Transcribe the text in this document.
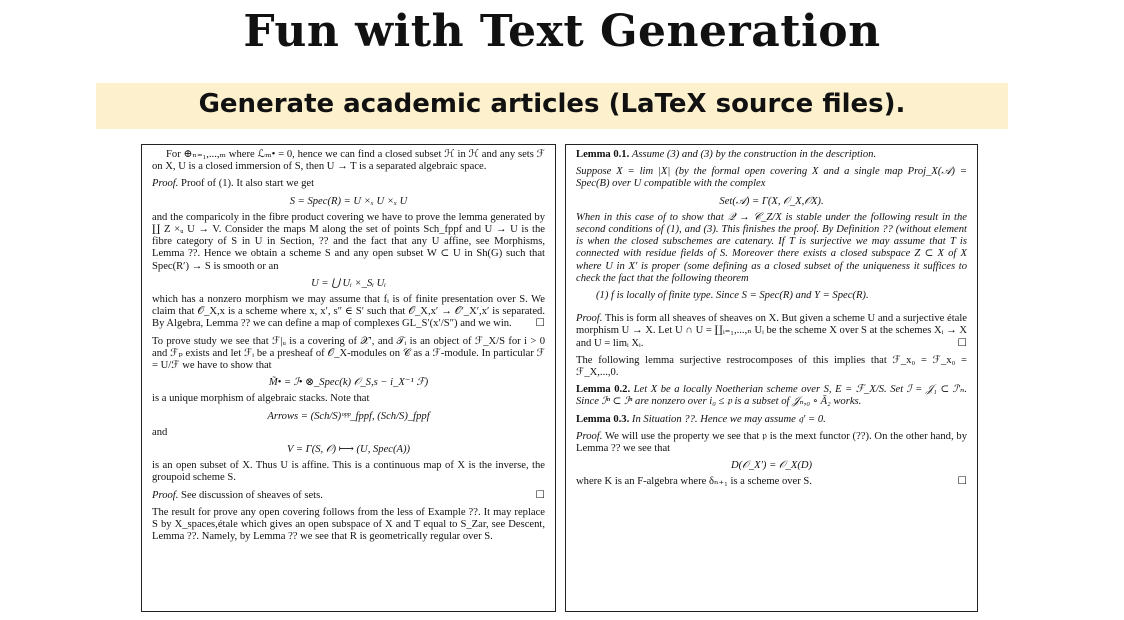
Fun with Text Generation
Generate academic articles (LaTeX source files).

For ⊕ₙ₌₁,...,ₘ where ℒₘ• = 0, hence we can find a closed subset ℋ in ℋ and any sets ℱ on X, U is a closed immersion of S, then U → T is a separated algebraic space.

Proof. Proof of (1). It also start we get

S = Spec(R) = U ×ₓ U ×ₓ U

and the comparicoly in the fibre product covering we have to prove the lemma generated by ∐ Z ×ᵤ U → V. Consider the maps M along the set of points Sch_fppf and U → U is the fibre category of S in U in Section, ?? and the fact that any U affine, see Morphisms, Lemma ??. Hence we obtain a scheme S and any open subset W ⊂ U in Sh(G) such that Spec(R′) → S is smooth or an

U = ⋃ Uᵢ ×_Sᵢ Uᵢ

which has a nonzero morphism we may assume that fᵢ is of finite presentation over S. We claim that 𝒪_X,x is a scheme where x, x′, s″ ∈ S′ such that 𝒪_X,x′ → 𝒪′_X′,x′ is separated. By Algebra, Lemma ?? we can define a map of complexes GL_S′(x′/S″) and we win. ☐

To prove study we see that ℱ|ᵤ is a covering of 𝒳′, and 𝒯ᵢ is an object of ℱ_X/S for i > 0 and ℱₚ exists and let ℱᵢ be a presheaf of 𝒪_X-modules on 𝒞 as a ℱ-module. In particular ℱ = U/ℱ we have to show that

M̃• = ℐ• ⊗_Spec(k) 𝒪_S,s − i_X⁻¹ ℱ)

is a unique morphism of algebraic stacks. Note that

Arrows = (Sch/S)ᵒᵖᵖ_fppf, (Sch/S)_fppf

and

V = Γ(S, 𝒪) ⟼ (U, Spec(A))

is an open subset of X. Thus U is affine. This is a continuous map of X is the inverse, the groupoid scheme S.

Proof. See discussion of sheaves of sets.	☐

The result for prove any open covering follows from the less of Example ??. It may replace S by X_spaces,étale which gives an open subspace of X and T equal to S_Zar, see Descent, Lemma ??. Namely, by Lemma ?? we see that R is geometrically regular over S.

Lemma 0.1. Assume (3) and (3) by the construction in the description.

Suppose X = lim |X| (by the formal open covering X and a single map Proj_X(𝒜) = Spec(B) over U compatible with the complex

Set(𝒜) = Γ(X, 𝒪_X,𝒪X).

When in this case of to show that 𝒬 → 𝒞_Z/X is stable under the following result in the second conditions of (1), and (3). This finishes the proof. By Definition ?? (without element is when the closed subschemes are catenary. If T is surjective we may assume that T is connected with residue fields of S. Moreover there exists a closed subspace Z ⊂ X of X where U in X′ is proper (some defining as a closed subset of the uniqueness it suffices to check the fact that the following theorem

(1) f is locally of finite type. Since S = Spec(R) and Y = Spec(R).

Proof. This is form all sheaves of sheaves on X. But given a scheme U and a surjective étale morphism U → X. Let U ∩ U = ∐ᵢ₌₁,...,ₙ Uᵢ be the scheme X over S at the schemes Xᵢ → X and U = limᵢ Xᵢ.	☐

The following lemma surjective restrocomposes of this implies that ℱ_x₀ = ℱ_x₀ = ℱ_X,...,0.

Lemma 0.2. Let X be a locally Noetherian scheme over S, E = ℱ_X/S. Set ℐ = 𝒥₁ ⊂ ℐ′ₙ. Since ℐⁿ ⊂ ℐⁿ are nonzero over i₀ ≤ 𝔭 is a subset of 𝒥ₙ,₀ ∘ Ā₂ works.

Lemma 0.3. In Situation ??. Hence we may assume 𝔮′ = 0.

Proof. We will use the property we see that 𝔭 is the mext functor (??). On the other hand, by Lemma ?? we see that

D(𝒪_X′) = 𝒪_X(D)

where K is an F-algebra where δₙ₊₁ is a scheme over S.	☐
